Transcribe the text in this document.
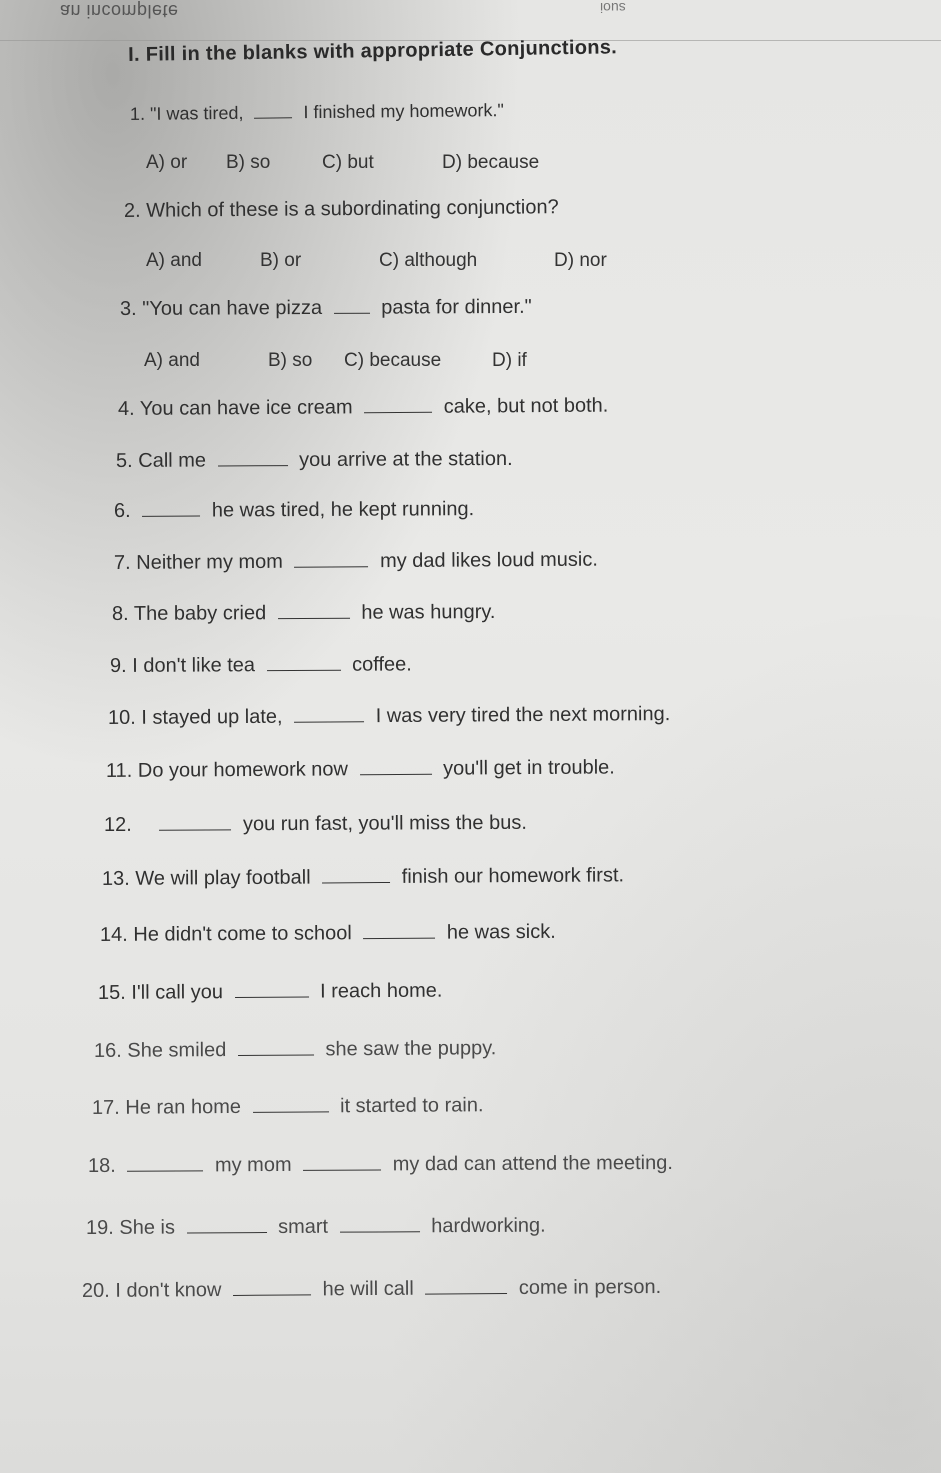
an incomplete	suoi
I. Fill in the blanks with appropriate Conjunctions.
1. "I was tired,	I finished my homework."
A) or B) so	C) but	D) because
2. Which of these is a subordinating conjunction?
A) and	B) or	C) although	D) nor
3. "You can have pizza  pasta for dinner."
A) and	B) so C) because	D) if
4. You can have ice cream	cake, but not both.
5. Call me	you arrive at the station.
6.	he was tired, he kept running.
7. Neither my mom	my dad likes loud music.
8. The baby cried	he was hungry.
9. I don't like tea	coffee.
10. I stayed up late,	I was very tired the next morning.
11. Do your homework now	you'll get in trouble.
12.	you run fast, you'll miss the bus.
13. We will play football	finish our homework first.
14. He didn't come to school	he was sick.
15. I'll call you	I reach home.
16. She smiled	she saw the puppy.
17. He ran home	it started to rain.
18.	my mom	my dad can attend the meeting.
19. She is	smart	hardworking.
20. I don't know	he will call	come in person.
